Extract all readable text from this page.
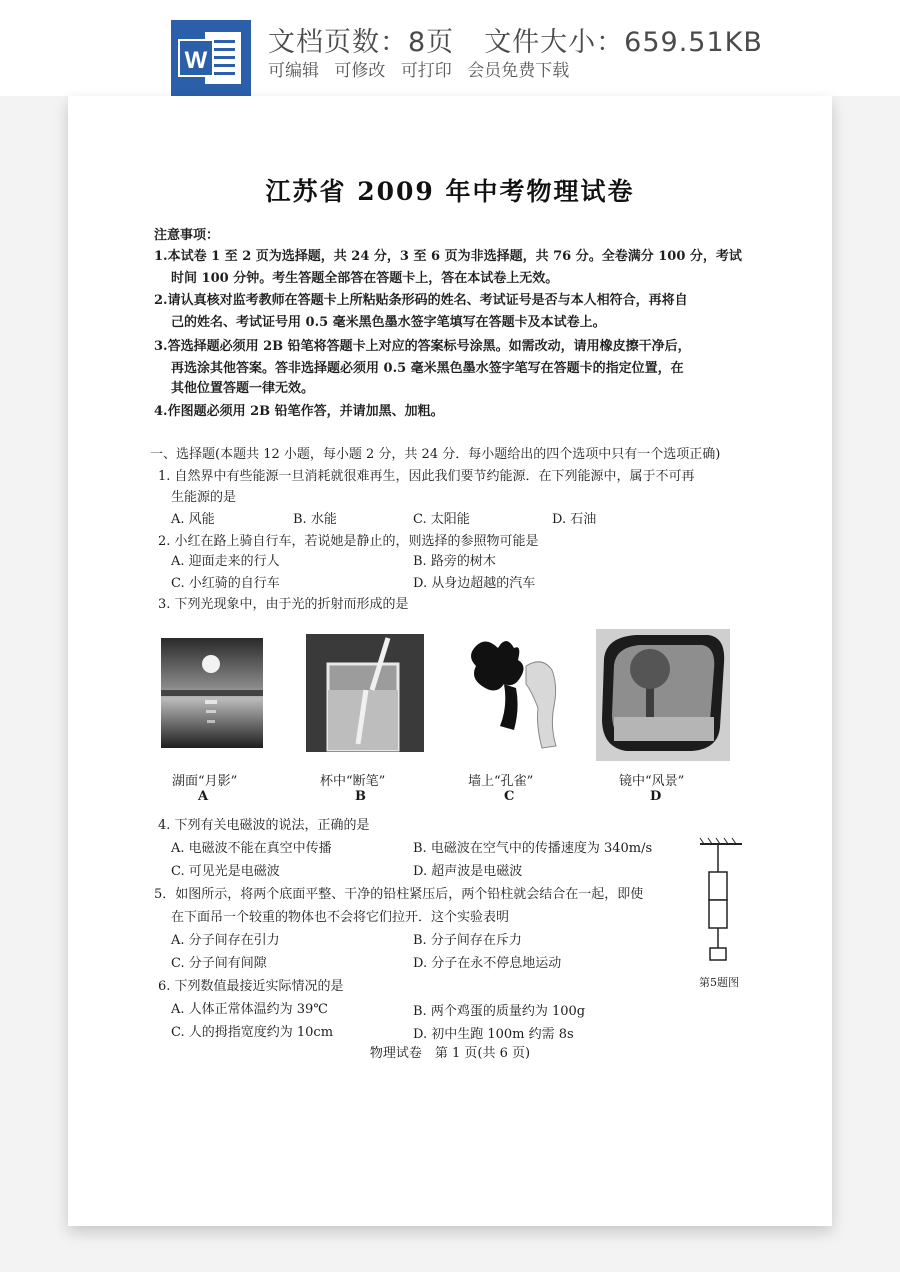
W
文档页数：8页 文件大小：659.51KB
可编辑 可修改 可打印 会员免费下载
江苏省 2009 年中考物理试卷
注意事项：
1.本试卷 1 至 2 页为选择题，共 24 分，3 至 6 页为非选择题，共 76 分。全卷满分 100 分，考试
时间 100 分钟。考生答题全部答在答题卡上，答在本试卷上无效。
2.请认真核对监考教师在答题卡上所粘贴条形码的姓名、考试证号是否与本人相符合，再将自
己的姓名、考试证号用 0.5 毫米黑色墨水签字笔填写在答题卡及本试卷上。
3.答选择题必须用 2B 铅笔将答题卡上对应的答案标号涂黑。如需改动，请用橡皮擦干净后，
再选涂其他答案。答非选择题必须用 0.5 毫米黑色墨水签字笔写在答题卡的指定位置，在
其他位置答题一律无效。
4.作图题必须用 2B 铅笔作答，并请加黑、加粗。
一、选择题(本题共 12 小题，每小题 2 分，共 24 分．每小题给出的四个选项中只有一个选项正确)
1. 自然界中有些能源一旦消耗就很难再生，因此我们要节约能源．在下列能源中，属于不可再
生能源的是
A. 风能	B. 水能	C. 太阳能	D. 石油
2. 小红在路上骑自行车，若说她是静止的，则选择的参照物可能是
A. 迎面走来的行人	B. 路旁的树木
C. 小红骑的自行车	D. 从身边超越的汽车
3. 下列光现象中，由于光的折射而形成的是
湖面“月影”	杯中“断笔”	墙上“孔雀”	镜中“风景”
A	B	C	D
4. 下列有关电磁波的说法，正确的是
A. 电磁波不能在真空中传播	B. 电磁波在空气中的传播速度为 340m/s
C. 可见光是电磁波	D. 超声波是电磁波
5．如图所示，将两个底面平整、干净的铅柱紧压后，两个铅柱就会结合在一起，即使
在下面吊一个较重的物体也不会将它们拉开．这个实验表明
A. 分子间存在引力	B. 分子间存在斥力
C. 分子间有间隙	D. 分子在永不停息地运动
第5题图
6. 下列数值最接近实际情况的是
A. 人体正常体温约为 39℃	B. 两个鸡蛋的质量约为 100g
C. 人的拇指宽度约为 10cm	D. 初中生跑 100m 约需 8s
物理试卷　第 1 页(共 6 页)
